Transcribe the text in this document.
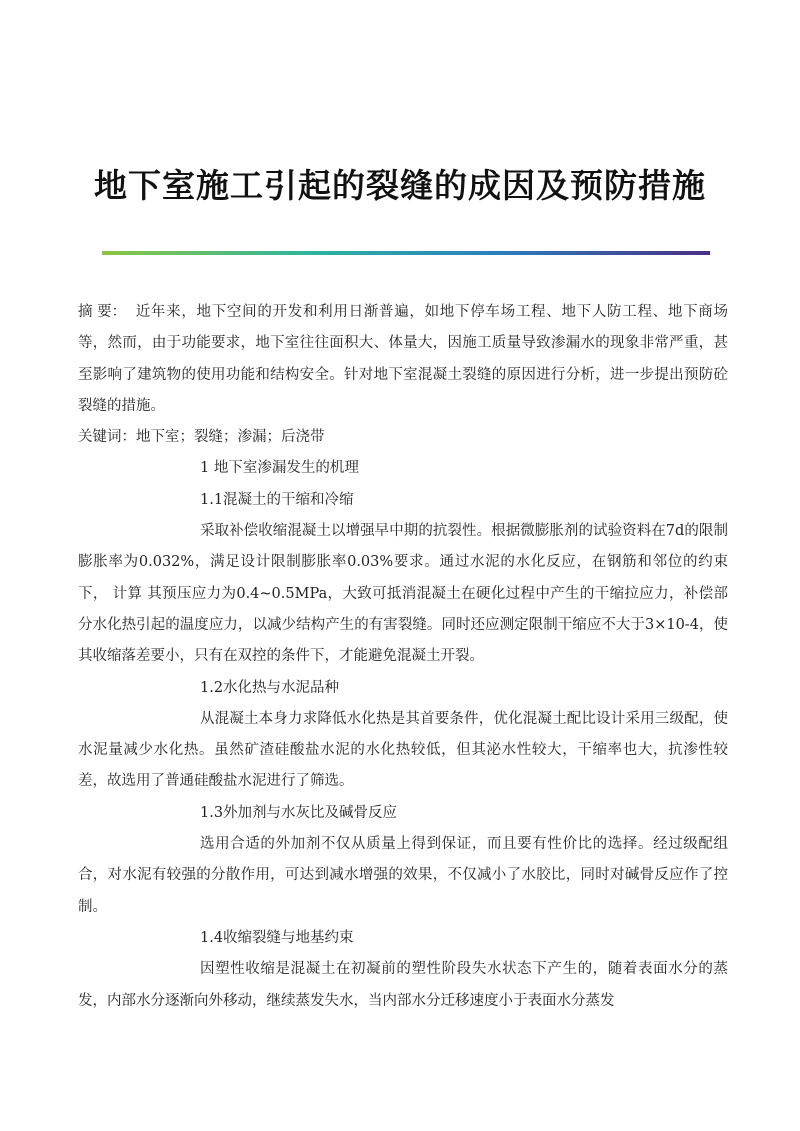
地下室施工引起的裂缝的成因及预防措施

摘 要： 近年来，地下空间的开发和利用日渐普遍，如地下停车场工程、地下人防工程、地下商场等，然而，由于功能要求，地下室往往面积大、体量大，因施工质量导致渗漏水的现象非常严重，甚至影响了建筑物的使用功能和结构安全。针对地下室混凝土裂缝的原因进行分析，进一步提出预防砼裂缝的措施。

关键词：地下室；裂缝；渗漏；后浇带

1 地下室渗漏发生的机理

1.1混凝土的干缩和冷缩

采取补偿收缩混凝土以增强早中期的抗裂性。根据微膨胀剂的试验资料在7d的限制膨胀率为0.032%，满足设计限制膨胀率0.03%要求。通过水泥的水化反应，在钢筋和邻位的约束下， 计算 其预压应力为0.4~0.5MPa，大致可抵消混凝土在硬化过程中产生的干缩拉应力，补偿部分水化热引起的温度应力，以减少结构产生的有害裂缝。同时还应测定限制干缩应不大于3×10-4，使其收缩落差要小，只有在双控的条件下，才能避免混凝土开裂。

1.2水化热与水泥品种

从混凝土本身力求降低水化热是其首要条件，优化混凝土配比设计采用三级配，使水泥量减少水化热。虽然矿渣硅酸盐水泥的水化热较低，但其泌水性较大，干缩率也大，抗渗性较差，故选用了普通硅酸盐水泥进行了筛选。

1.3外加剂与水灰比及碱骨反应

选用合适的外加剂不仅从质量上得到保证，而且要有性价比的选择。经过级配组合，对水泥有较强的分散作用，可达到减水增强的效果，不仅减小了水胶比，同时对碱骨反应作了控制。

1.4收缩裂缝与地基约束

因塑性收缩是混凝土在初凝前的塑性阶段失水状态下产生的，随着表面水分的蒸发，内部水分逐渐向外移动，继续蒸发失水，当内部水分迁移速度小于表面水分蒸发
